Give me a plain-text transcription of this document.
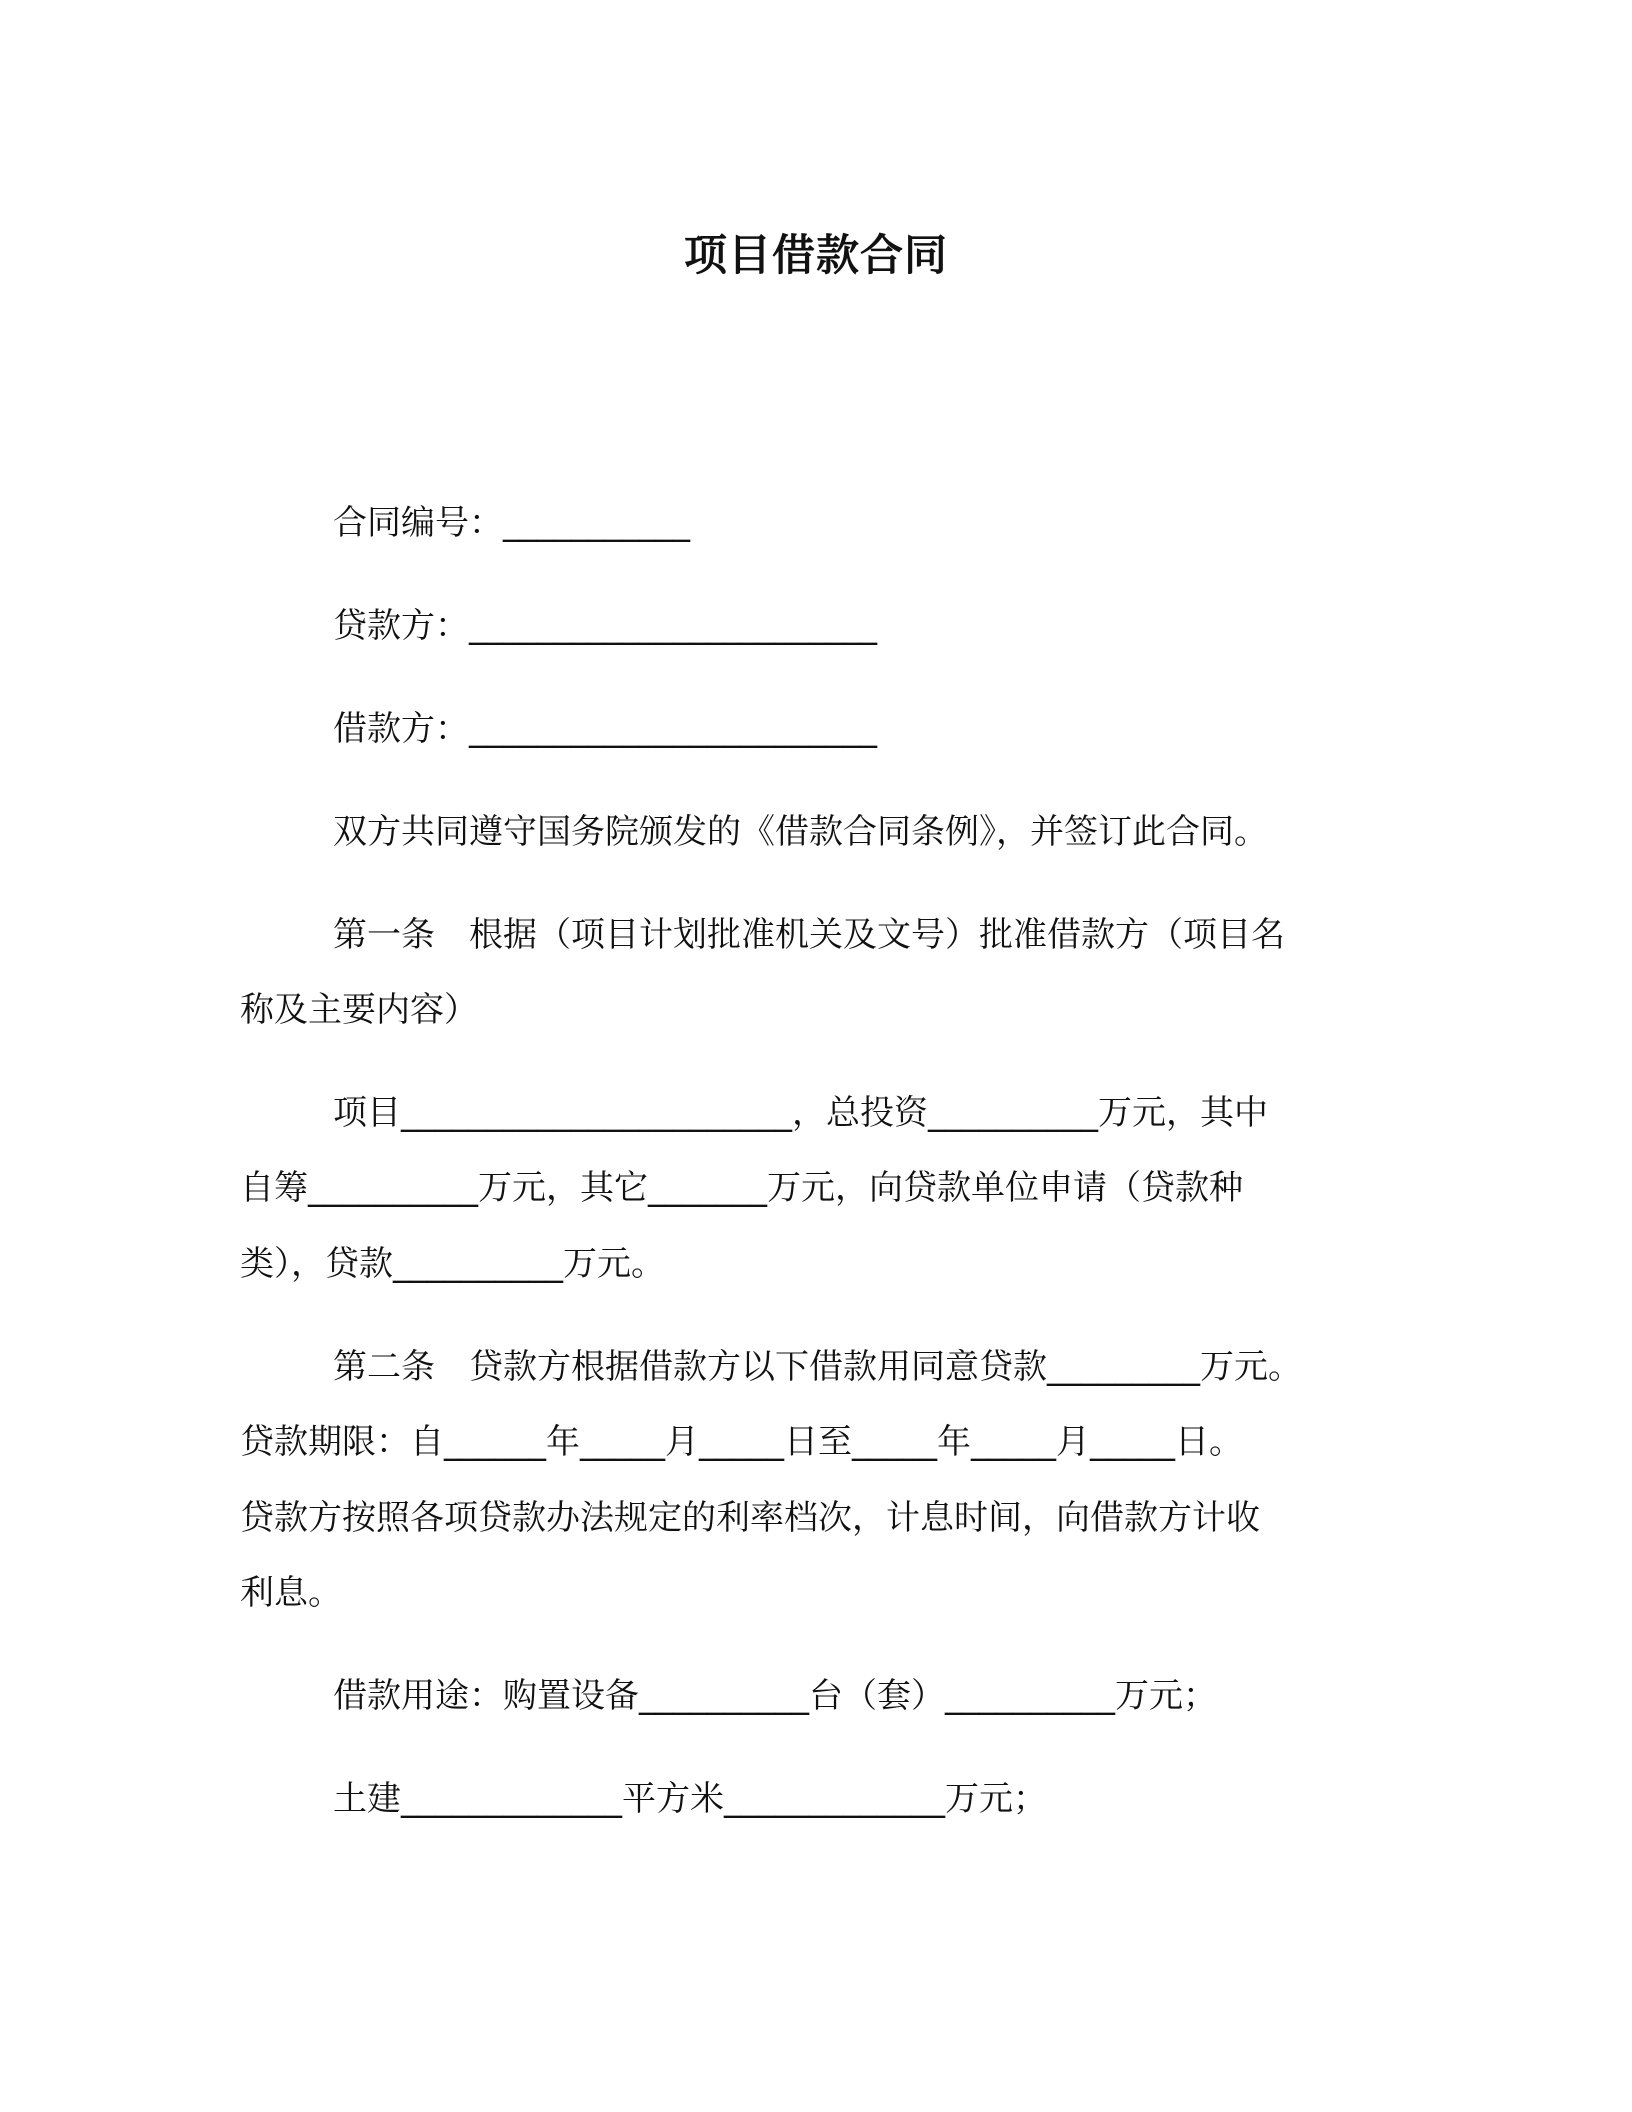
项目借款合同
合同编号：___________
贷款方：________________________
借款方：________________________
双方共同遵守国务院颁发的《借款合同条例》，并签订此合同。
第一条　根据（项目计划批准机关及文号）批准借款方（项目名
称及主要内容）
项目_______________________，总投资__________万元，其中
自筹__________万元，其它_______万元，向贷款单位申请（贷款种
类），贷款__________万元。
第二条　贷款方根据借款方以下借款用同意贷款_________万元。
贷款期限：自______年_____月_____日至_____年_____月_____日。
贷款方按照各项贷款办法规定的利率档次，计息时间，向借款方计收
利息。
借款用途：购置设备__________台（套）__________万元；
土建_____________平方米_____________万元；
